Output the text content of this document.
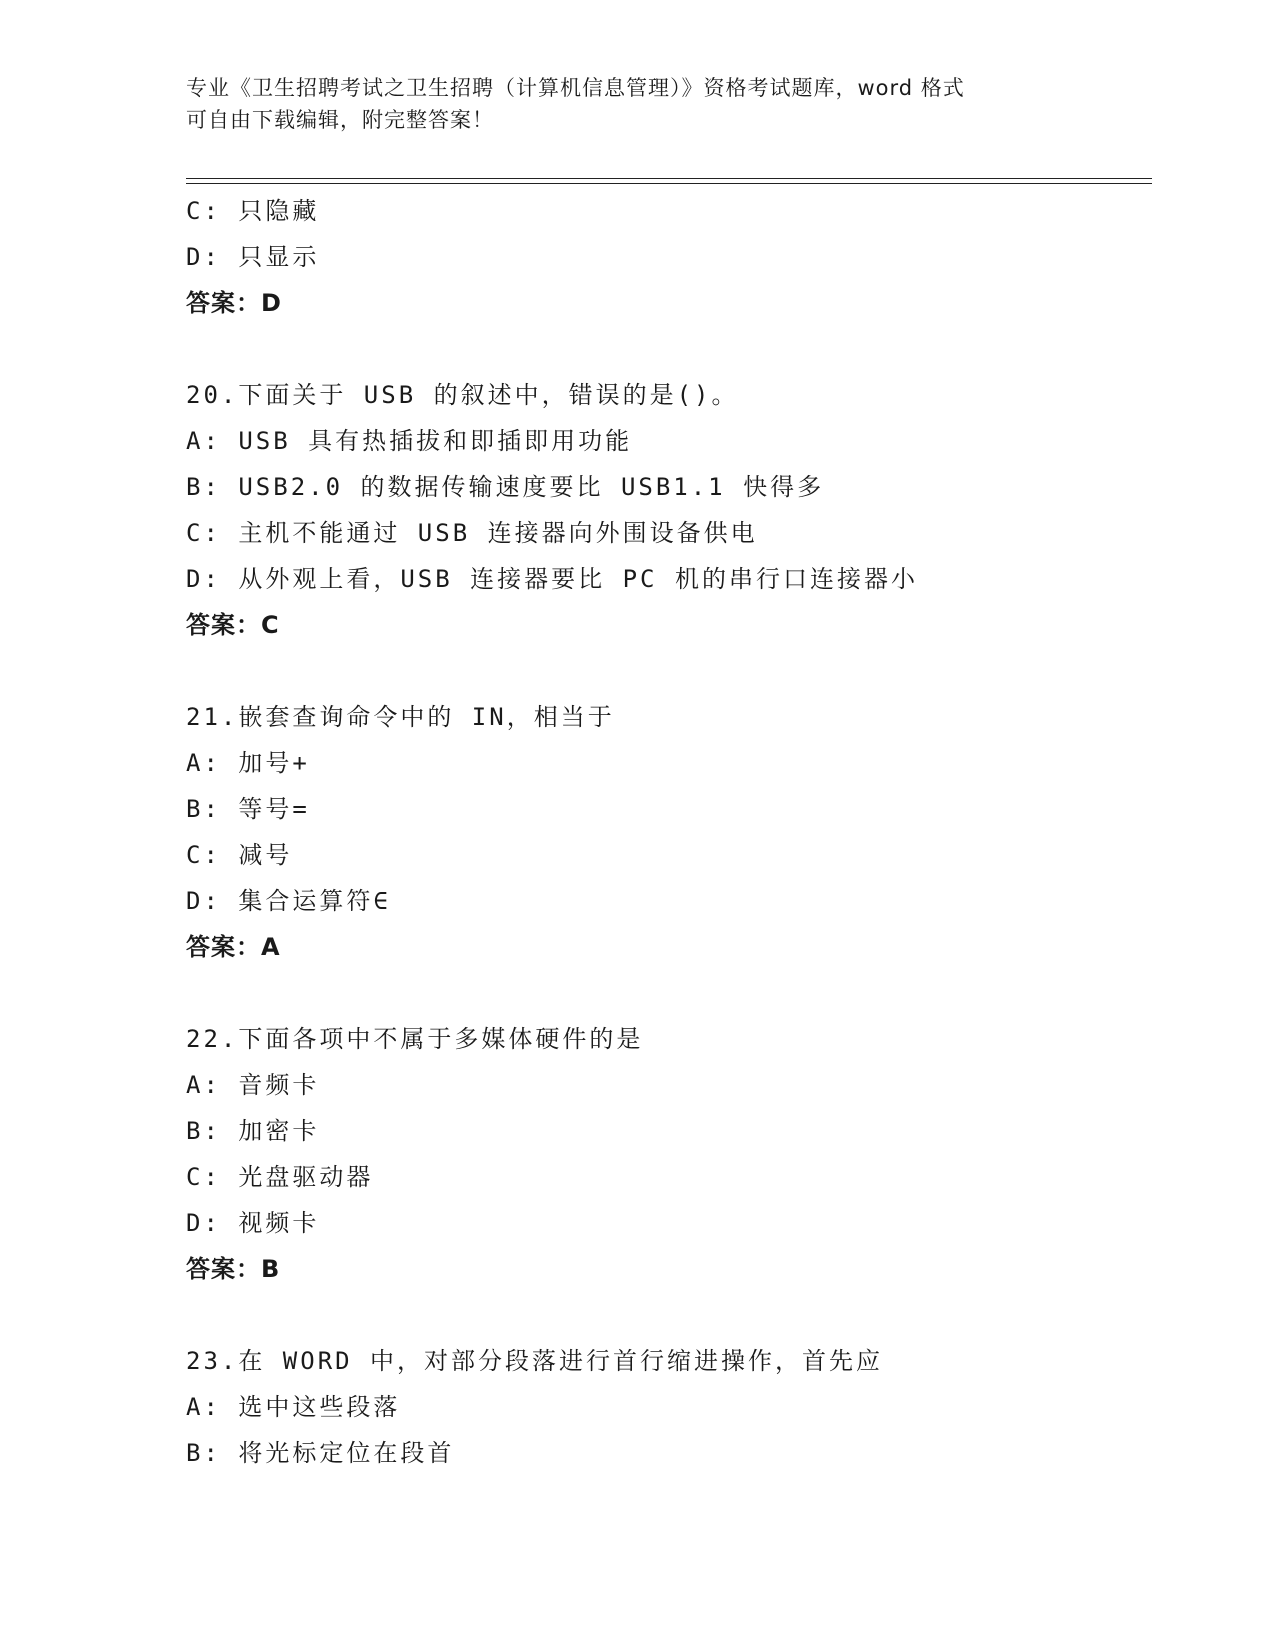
专业《卫生招聘考试之卫生招聘（计算机信息管理）》资格考试题库，word 格式
可自由下载编辑，附完整答案！
C: 只隐藏
D: 只显示
答案：D
20.下面关于 USB 的叙述中，错误的是()。
A: USB 具有热插拔和即插即用功能
B: USB2.0 的数据传输速度要比 USB1.1 快得多
C: 主机不能通过 USB 连接器向外围设备供电
D: 从外观上看，USB 连接器要比 PC 机的串行口连接器小
答案：C
21.嵌套查询命令中的 IN，相当于
A: 加号+
B: 等号=
C: 减号
D: 集合运算符∈
答案：A
22.下面各项中不属于多媒体硬件的是
A: 音频卡
B: 加密卡
C: 光盘驱动器
D: 视频卡
答案：B
23.在 WORD 中，对部分段落进行首行缩进操作，首先应
A: 选中这些段落
B: 将光标定位在段首
